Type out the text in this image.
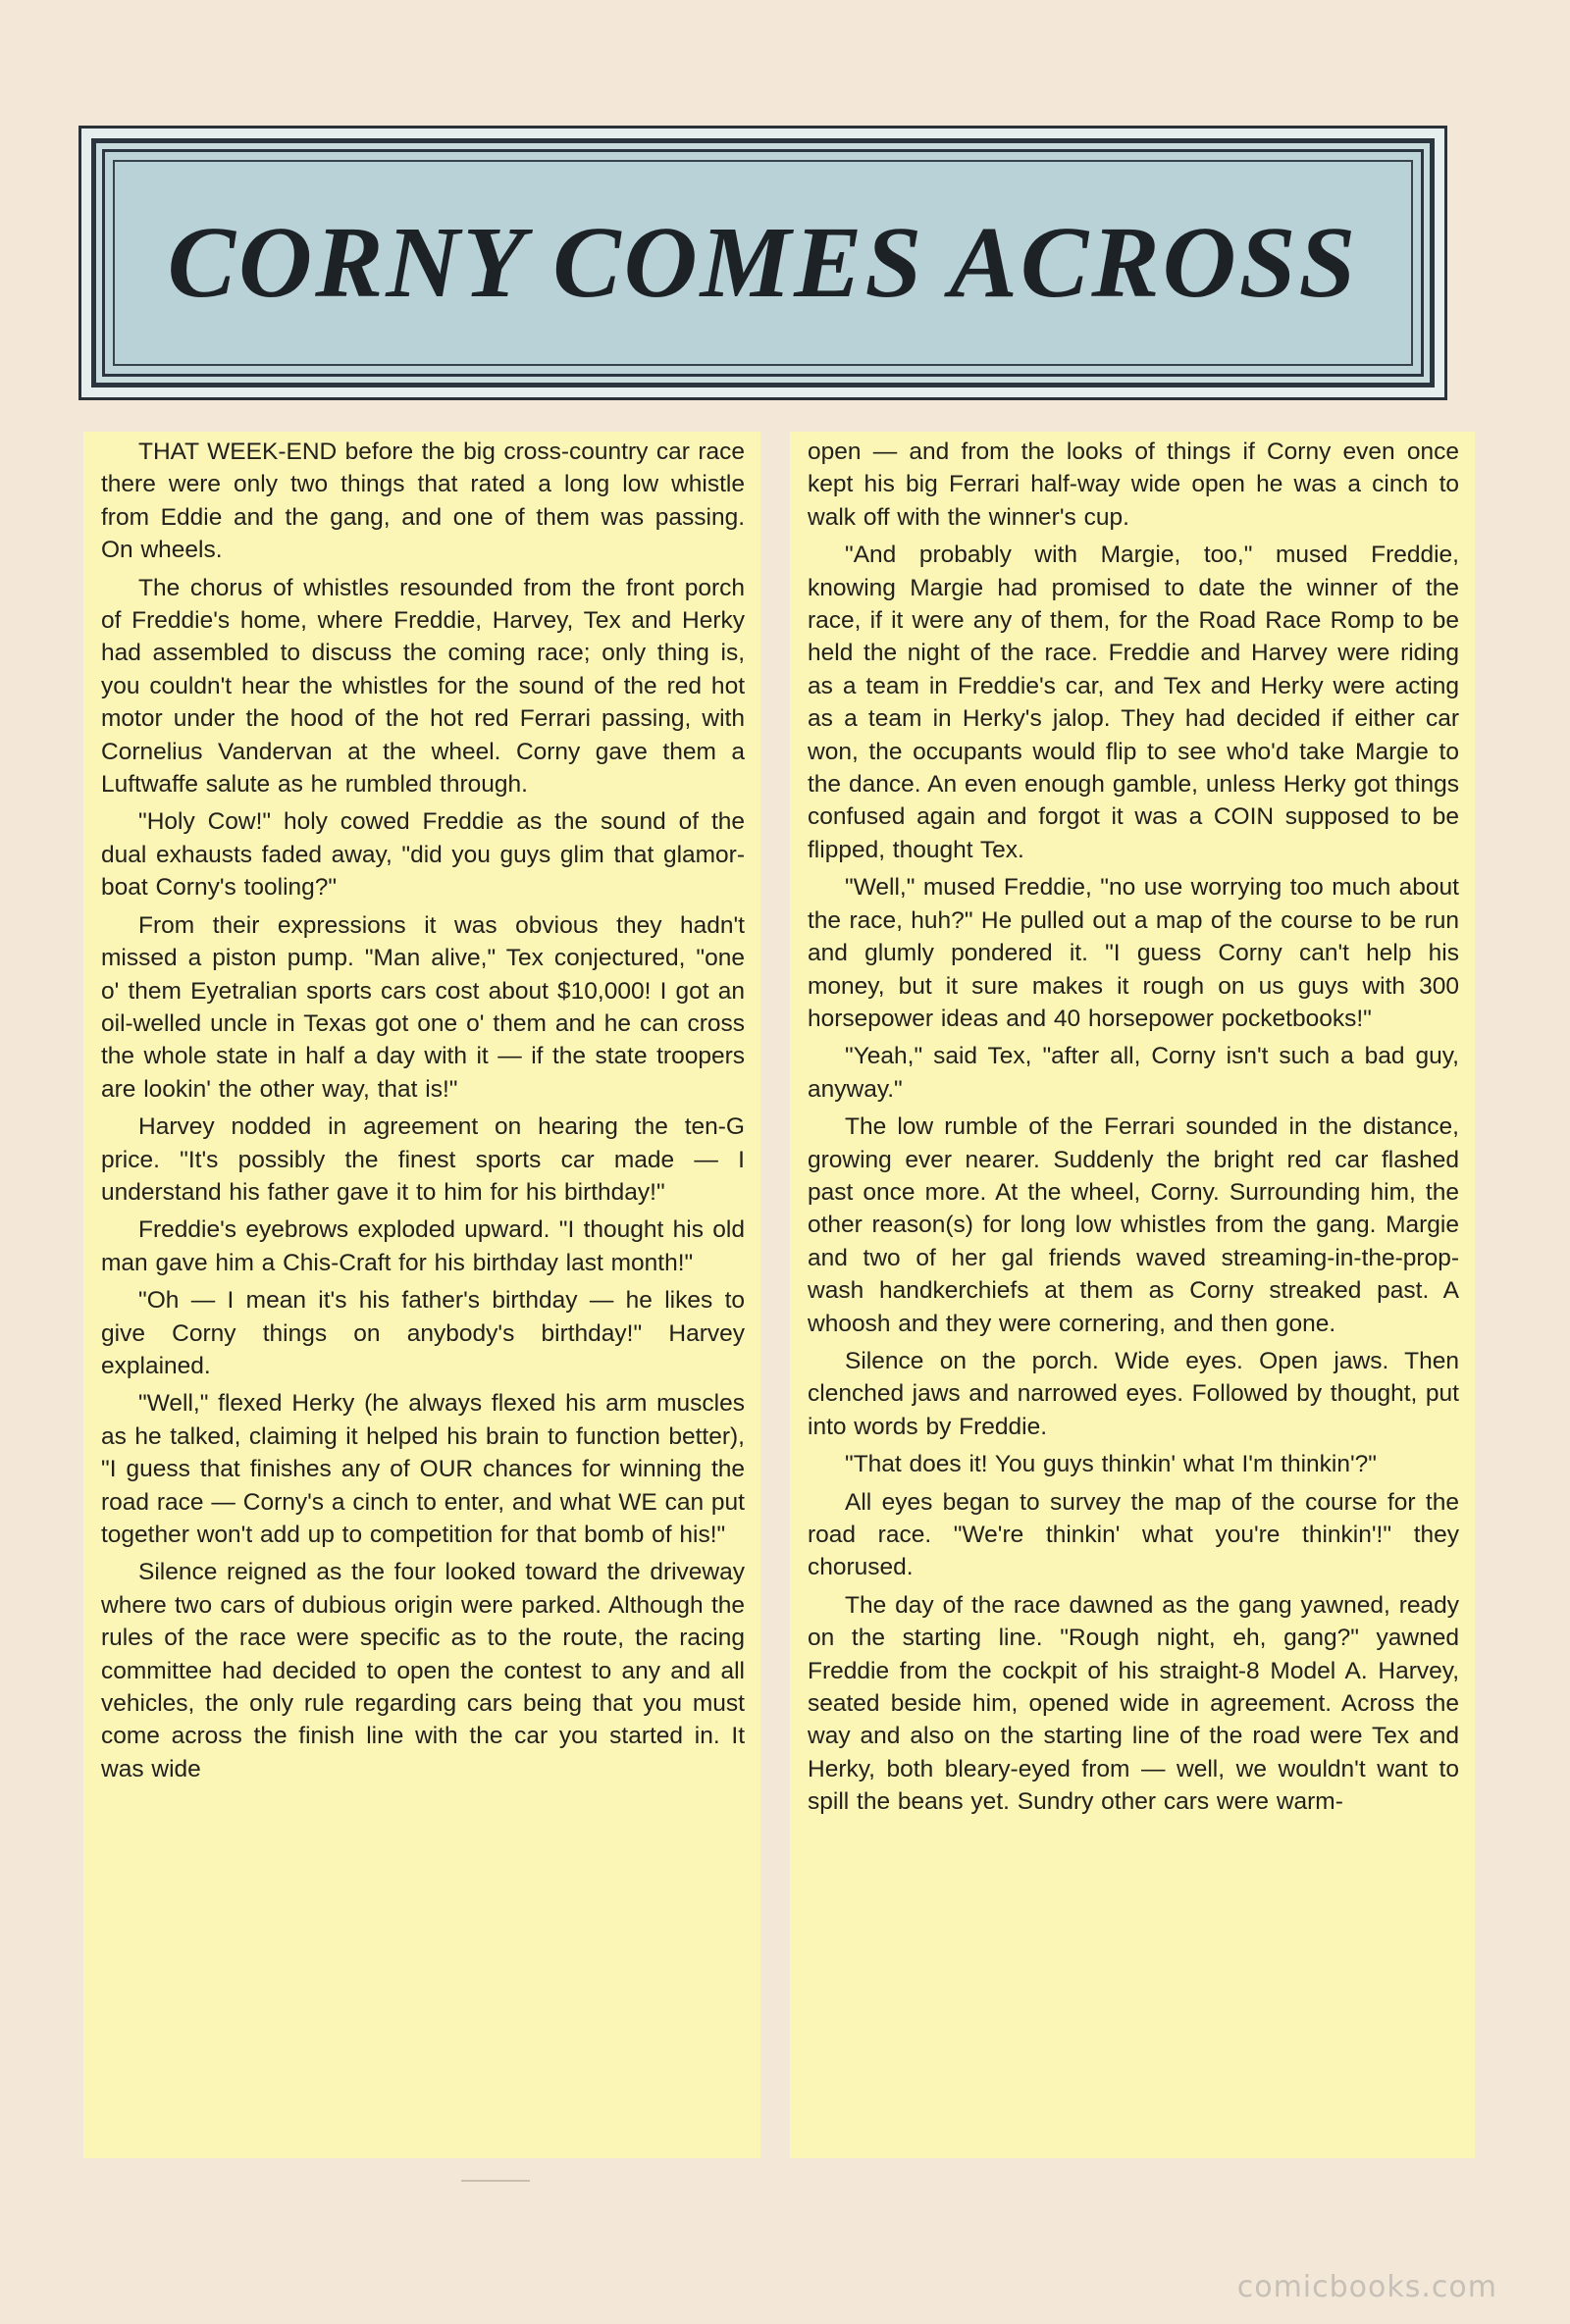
CORNY COMES ACROSS

THAT WEEK-END before the big cross-country car race there were only two things that rated a long low whistle from Eddie and the gang, and one of them was passing. On wheels.

The chorus of whistles resounded from the front porch of Freddie's home, where Freddie, Harvey, Tex and Herky had assembled to discuss the coming race; only thing is, you couldn't hear the whistles for the sound of the red hot motor under the hood of the hot red Ferrari passing, with Cornelius Vandervan at the wheel. Corny gave them a Luftwaffe salute as he rumbled through.

"Holy Cow!" holy cowed Freddie as the sound of the dual exhausts faded away, "did you guys glim that glamor-boat Corny's tooling?"

From their expressions it was obvious they hadn't missed a piston pump. "Man alive," Tex conjectured, "one o' them Eyetralian sports cars cost about $10,000! I got an oil-welled uncle in Texas got one o' them and he can cross the whole state in half a day with it — if the state troopers are lookin' the other way, that is!"

Harvey nodded in agreement on hearing the ten-G price. "It's possibly the finest sports car made — I understand his father gave it to him for his birthday!"

Freddie's eyebrows exploded upward. "I thought his old man gave him a Chis-Craft for his birthday last month!"

"Oh — I mean it's his father's birthday — he likes to give Corny things on anybody's birthday!" Harvey explained.

"Well," flexed Herky (he always flexed his arm muscles as he talked, claiming it helped his brain to function better), "I guess that finishes any of OUR chances for winning the road race — Corny's a cinch to enter, and what WE can put together won't add up to competition for that bomb of his!"

Silence reigned as the four looked toward the driveway where two cars of dubious origin were parked. Although the rules of the race were specific as to the route, the racing committee had decided to open the contest to any and all vehicles, the only rule regarding cars being that you must come across the finish line with the car you started in. It was wide

open — and from the looks of things if Corny even once kept his big Ferrari half-way wide open he was a cinch to walk off with the winner's cup.

"And probably with Margie, too," mused Freddie, knowing Margie had promised to date the winner of the race, if it were any of them, for the Road Race Romp to be held the night of the race. Freddie and Harvey were riding as a team in Freddie's car, and Tex and Herky were acting as a team in Herky's jalop. They had decided if either car won, the occupants would flip to see who'd take Margie to the dance. An even enough gamble, unless Herky got things confused again and forgot it was a COIN supposed to be flipped, thought Tex.

"Well," mused Freddie, "no use worrying too much about the race, huh?" He pulled out a map of the course to be run and glumly pondered it. "I guess Corny can't help his money, but it sure makes it rough on us guys with 300 horsepower ideas and 40 horsepower pocketbooks!"

"Yeah," said Tex, "after all, Corny isn't such a bad guy, anyway."

The low rumble of the Ferrari sounded in the distance, growing ever nearer. Suddenly the bright red car flashed past once more. At the wheel, Corny. Surrounding him, the other reason(s) for long low whistles from the gang. Margie and two of her gal friends waved streaming-in-the-prop-wash handkerchiefs at them as Corny streaked past. A whoosh and they were cornering, and then gone.

Silence on the porch. Wide eyes. Open jaws. Then clenched jaws and narrowed eyes. Followed by thought, put into words by Freddie.

"That does it! You guys thinkin' what I'm thinkin'?"

All eyes began to survey the map of the course for the road race. "We're thinkin' what you're thinkin'!" they chorused.

The day of the race dawned as the gang yawned, ready on the starting line. "Rough night, eh, gang?" yawned Freddie from the cockpit of his straight-8 Model A. Harvey, seated beside him, opened wide in agreement. Across the way and also on the starting line of the road were Tex and Herky, both bleary-eyed from — well, we wouldn't want to spill the beans yet. Sundry other cars were warm-

comicbooks.com
